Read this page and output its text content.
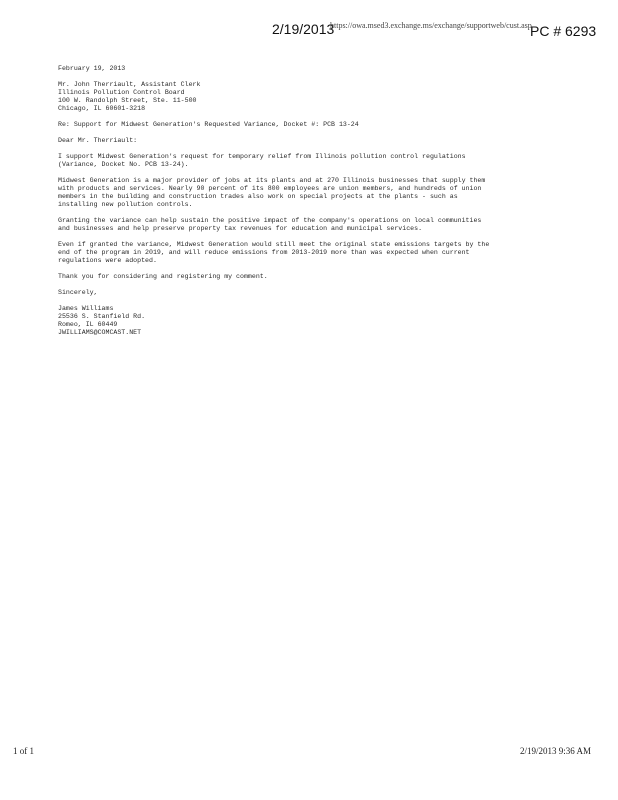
2/19/2013
https://owa.msed3.exchange.ms/exchange/supportweb/cust.asp
PC # 6293
February 19, 2013
Mr. John Therriault, Assistant Clerk
Illinois Pollution Control Board
100 W. Randolph Street, Ste. 11-500
Chicago, IL 60601-3218
Re: Support for Midwest Generation's Requested Variance, Docket #: PCB 13-24
Dear Mr. Therriault:
I support Midwest Generation's request for temporary relief from Illinois pollution control regulations
(Variance, Docket No. PCB 13-24).
Midwest Generation is a major provider of jobs at its plants and at 270 Illinois businesses that supply them
with products and services. Nearly 90 percent of its 800 employees are union members, and hundreds of union
members in the building and construction trades also work on special projects at the plants - such as
installing new pollution controls.
Granting the variance can help sustain the positive impact of the company's operations on local communities
and businesses and help preserve property tax revenues for education and municipal services.
Even if granted the variance, Midwest Generation would still meet the original state emissions targets by the
end of the program in 2019, and will reduce emissions from 2013-2019 more than was expected when current
regulations were adopted.
Thank you for considering and registering my comment.
Sincerely,
James Williams
25536 S. Stanfield Rd.
Romeo, IL 60449
JWILLIAMS@COMCAST.NET
1 of 1	2/19/2013 9:36 AM
